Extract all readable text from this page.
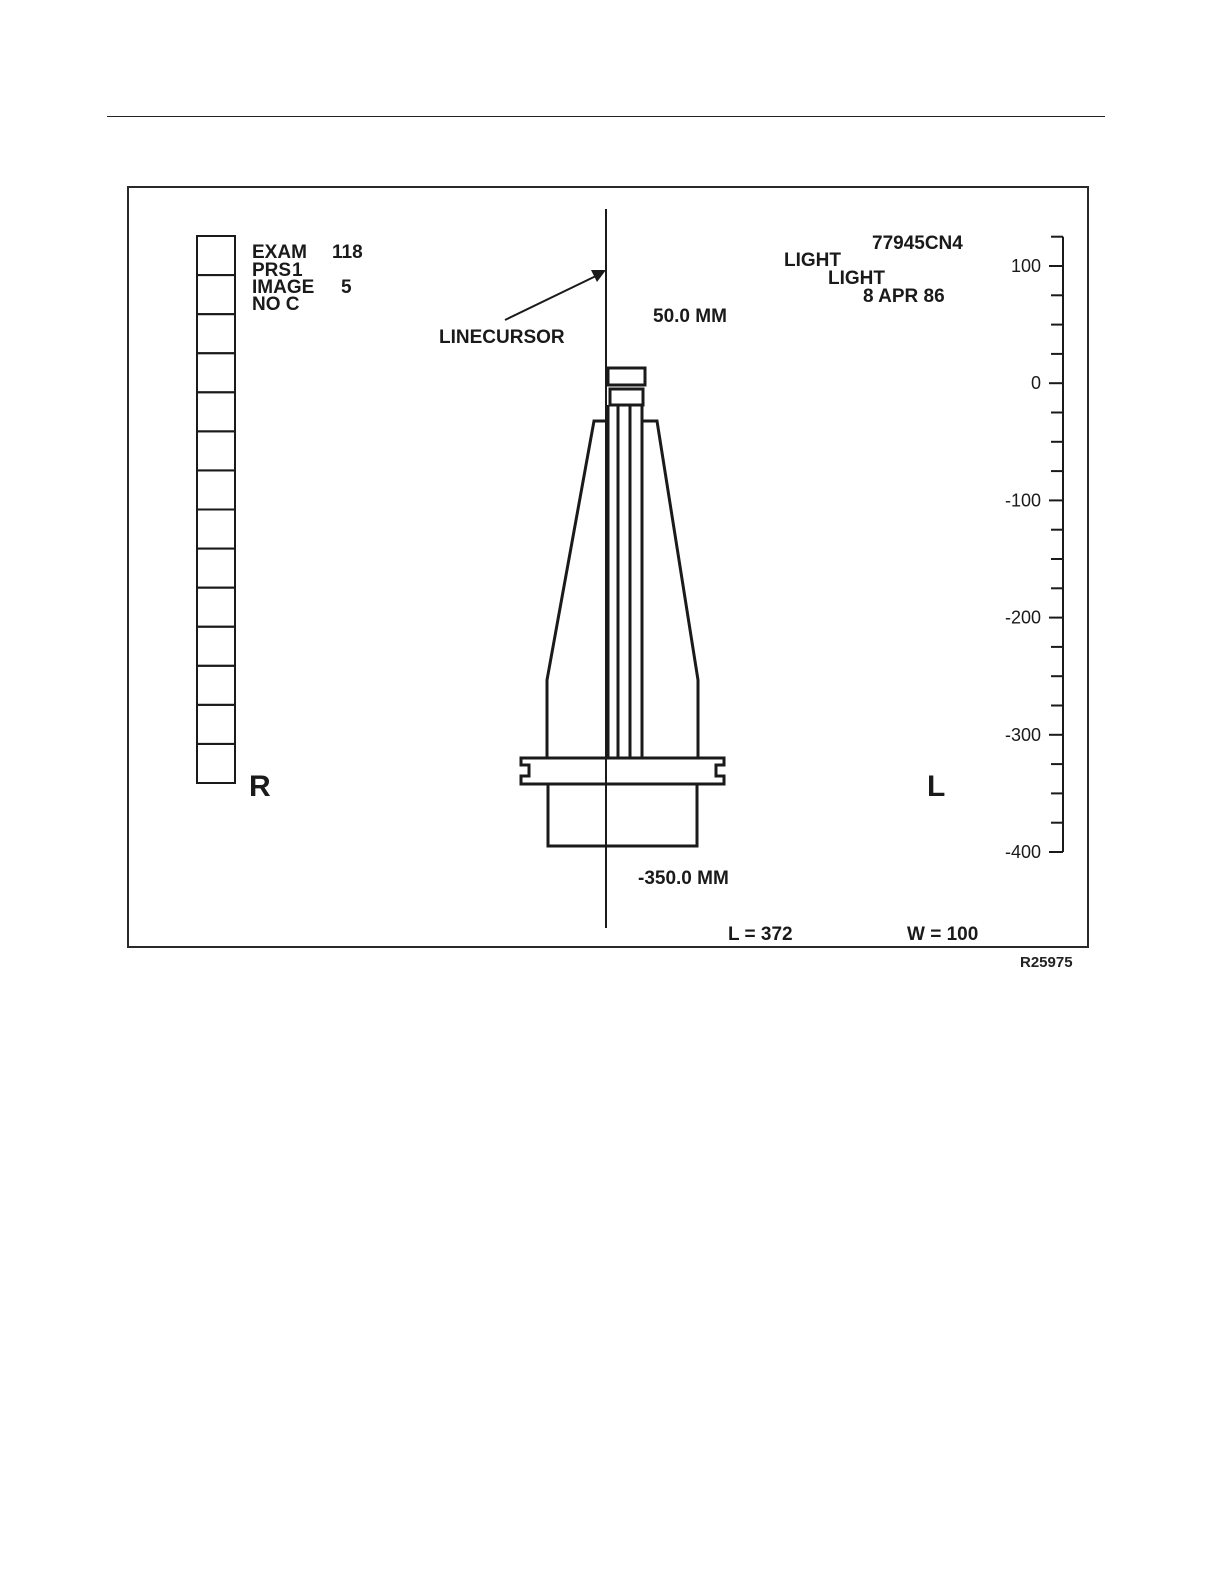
EXAM 118
PRS 1
IMAGE 5
NO C
77945CN4
LIGHT
LIGHT
8 APR 86
LINECURSOR
50.0 MM
-350.0 MM
R	L
L = 372	W = 100
100
0
-100
-200
-300
-400
R25975
